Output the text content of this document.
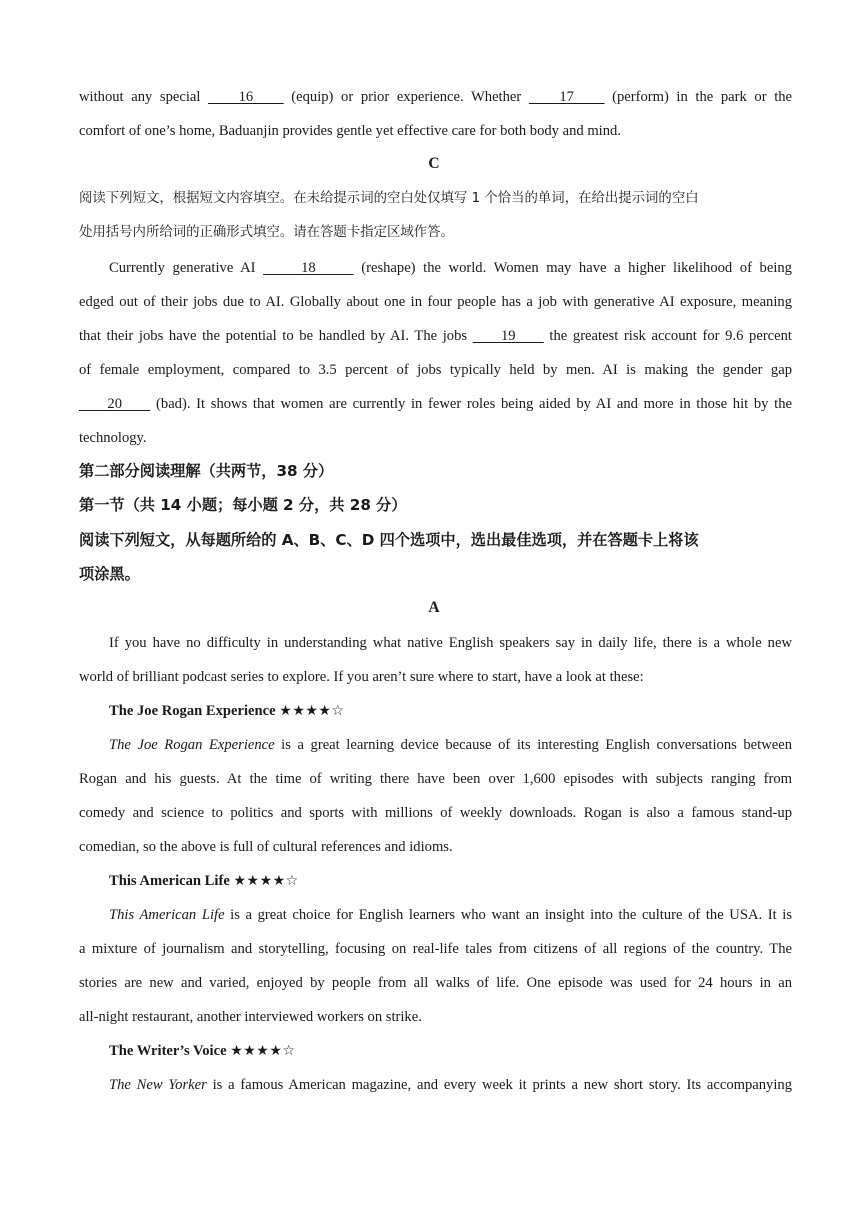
without any special     16     (equip) or prior experience. Whether     17     (perform) in the park or the
comfort of one’s home, Baduanjin provides gentle yet effective care for both body and mind.
C
阅读下列短文，根据短文内容填空。在未给提示词的空白处仅填写 1 个恰当的单词，在给出提示词的空白
处用括号内所给词的正确形式填空。请在答题卡指定区域作答。
Currently generative AI	18	(reshape) the world. Women may have a higher likelihood of being
edged out of their jobs due to AI. Globally about one in four people has a job with generative AI exposure, meaning
that their jobs have the potential to be handled by AI. The jobs      19      the greatest risk account for 9.6 percent
of female employment, compared to 3.5 percent of jobs typically held by men. AI is making the gender gap
20      (bad). It shows that women are currently in fewer roles being aided by AI and more in those hit by the
technology.
第二部分阅读理解（共两节，38 分）
第一节（共 14 小题；每小题 2 分，共 28 分）
阅读下列短文，从每题所给的 A、B、C、D 四个选项中，选出最佳选项，并在答题卡上将该
项涂黑。
A
If you have no difficulty in understanding what native English speakers say in daily life, there is a whole new
world of brilliant podcast series to explore. If you aren’t sure where to start, have a look at these:
The Joe Rogan Experience ★★★★☆
The Joe Rogan Experience is a great learning device because of its interesting English conversations between
Rogan and his guests. At the time of writing there have been over 1,600 episodes with subjects ranging from
comedy and science to politics and sports with millions of weekly downloads. Rogan is also a famous stand-up
comedian, so the above is full of cultural references and idioms.
This American Life ★★★★☆
This American Life is a great choice for English learners who want an insight into the culture of the USA. It is
a mixture of journalism and storytelling, focusing on real-life tales from citizens of all regions of the country. The
stories are new and varied, enjoyed by people from all walks of life. One episode was used for 24 hours in an
all-night restaurant, another interviewed workers on strike.
The Writer’s Voice ★★★★☆
The New Yorker is a famous American magazine, and every week it prints a new short story. Its accompanying
